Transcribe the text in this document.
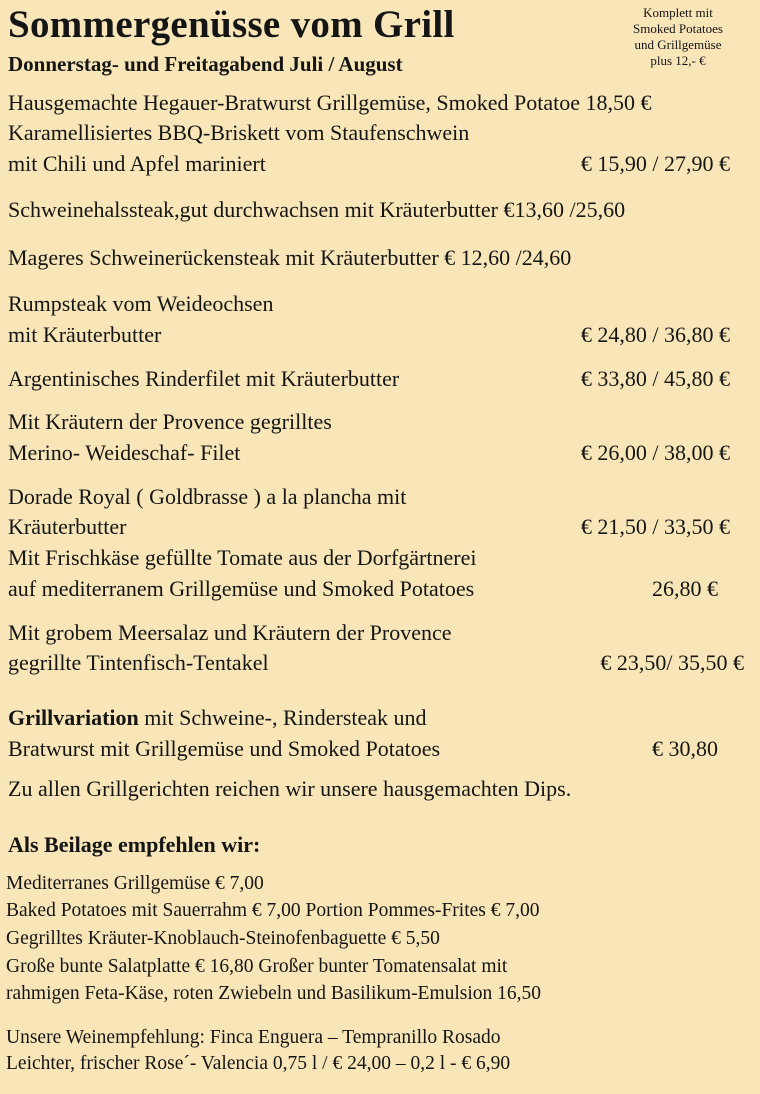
Sommergenüsse vom Grill
Donnerstag- und Freitagabend Juli / August
Komplett mit
Smoked Potatoes
und Grillgemüse
plus 12,- €
Hausgemachte Hegauer-Bratwurst Grillgemüse, Smoked Potatoe 18,50 €
Karamellisiertes BBQ-Briskett vom Staufenschwein
mit Chili und Apfel mariniert	€ 15,90 / 27,90 €
Schweinehalssteak,gut durchwachsen mit Kräuterbutter €13,60 /25,60
Mageres Schweinerückensteak mit Kräuterbutter € 12,60 /24,60
Rumpsteak vom Weideochsen
mit Kräuterbutter	€ 24,80 / 36,80 €
Argentinisches Rinderfilet mit Kräuterbutter	€ 33,80 / 45,80 €
Mit Kräutern der Provence gegrilltes
Merino- Weideschaf- Filet	€ 26,00 / 38,00 €
Dorade Royal ( Goldbrasse ) a la plancha mit
Kräuterbutter	€ 21,50 / 33,50 €
Mit Frischkäse gefüllte Tomate aus der Dorfgärtnerei
auf mediterranem Grillgemüse und Smoked Potatoes	26,80 €
Mit grobem Meersalaz und Kräutern der Provence
gegrillte Tintenfisch-Tentakel	€ 23,50/ 35,50 €
Grillvariation mit Schweine-, Rindersteak und
Bratwurst mit Grillgemüse und Smoked Potatoes	€ 30,80
Zu allen Grillgerichten reichen wir unsere hausgemachten Dips.
Als Beilage empfehlen wir:
Mediterranes Grillgemüse € 7,00
Baked Potatoes mit Sauerrahm € 7,00 Portion Pommes-Frites € 7,00
Gegrilltes Kräuter-Knoblauch-Steinofenbaguette € 5,50
Große bunte Salatplatte € 16,80 Großer bunter Tomatensalat mit
rahmigen Feta-Käse, roten Zwiebeln und Basilikum-Emulsion 16,50
Unsere Weinempfehlung: Finca Enguera – Tempranillo Rosado
Leichter, frischer Rose´- Valencia 0,75 l / € 24,00 – 0,2 l - € 6,90
